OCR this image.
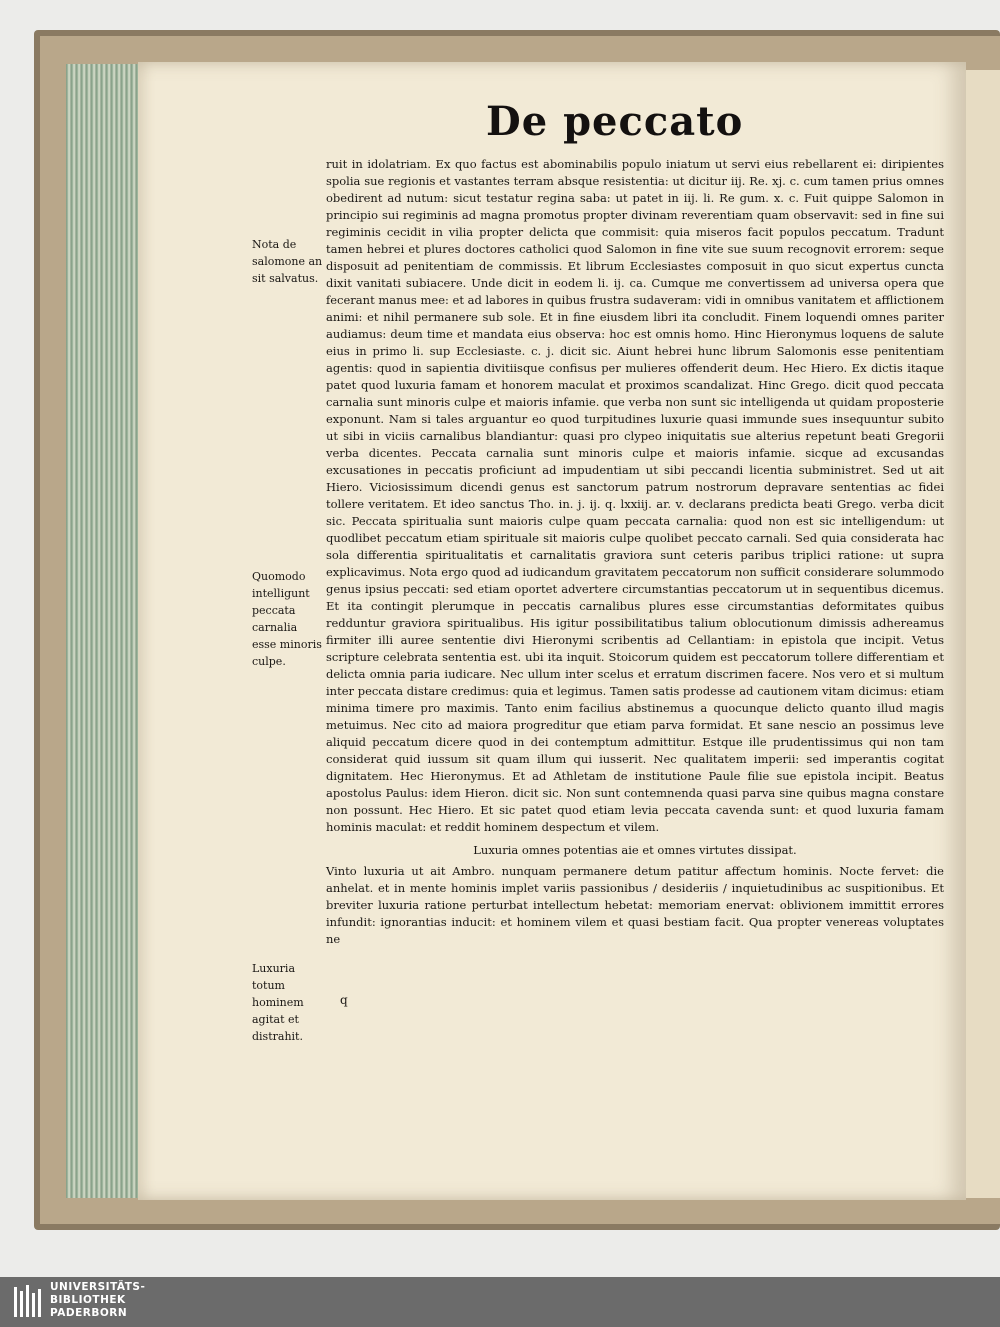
De peccato
Nota de salomone an sit salvatus.
Quomodo intelligunt peccata carnalia esse minoris culpe.
Luxuria totum hominem agitat et distrahit.
q

ruit in idolatriam. Ex quo factus est abominabilis populo iniatum ut servi eius rebellarent ei: diripientes spolia sue regionis et vastantes terram absque resistentia: ut dicitur iij. Re. xj. c. cum tamen prius omnes obedirent ad nutum: sicut testatur regina saba: ut patet in iij. li. Re gum. x. c. Fuit quippe Salomon in principio sui regiminis ad magna promotus propter divinam reverentiam quam observavit: sed in fine sui regiminis cecidit in vilia propter delicta que commisit: quia miseros facit populos peccatum. Tradunt tamen hebrei et plures doctores catholici quod Salomon in fine vite sue suum recognovit errorem: seque disposuit ad penitentiam de commissis. Et librum Ecclesiastes composuit in quo sicut expertus cuncta dixit vanitati subiacere. Unde dicit in eodem li. ij. ca. Cumque me convertissem ad universa opera que fecerant manus mee: et ad labores in quibus frustra sudaveram: vidi in omnibus vanitatem et afflictionem animi: et nihil permanere sub sole. Et in fine eiusdem libri ita concludit. Finem loquendi omnes pariter audiamus: deum time et mandata eius observa: hoc est omnis homo. Hinc Hieronymus loquens de salute eius in primo li. sup Ecclesiaste. c. j. dicit sic. Aiunt hebrei hunc librum Salomonis esse penitentiam agentis: quod in sapientia divitiisque confisus per mulieres offenderit deum. Hec Hiero. Ex dictis itaque patet quod luxuria famam et honorem maculat et proximos scandalizat. Hinc Grego. dicit quod peccata carnalia sunt minoris culpe et maioris infamie. que verba non sunt sic intelligenda ut quidam proposterie exponunt. Nam si tales arguantur eo quod turpitudines luxurie quasi immunde sues insequuntur subito ut sibi in viciis carnalibus blandiantur: quasi pro clypeo iniquitatis sue alterius repetunt beati Gregorii verba dicentes. Peccata carnalia sunt minoris culpe et maioris infamie. sicque ad excusandas excusationes in peccatis proficiunt ad impudentiam ut sibi peccandi licentia subministret. Sed ut ait Hiero. Viciosissimum dicendi genus est sanctorum patrum nostrorum depravare sententias ac fidei tollere veritatem. Et ideo sanctus Tho. in. j. ij. q. lxxiij. ar. v. declarans predicta beati Grego. verba dicit sic. Peccata spiritualia sunt maioris culpe quam peccata carnalia: quod non est sic intelligendum: ut quodlibet peccatum etiam spirituale sit maioris culpe quolibet peccato carnali. Sed quia considerata hac sola differentia spiritualitatis et carnalitatis graviora sunt ceteris paribus triplici ratione: ut supra explicavimus. Nota ergo quod ad iudicandum gravitatem peccatorum non sufficit considerare solummodo genus ipsius peccati: sed etiam oportet advertere circumstantias peccatorum ut in sequentibus dicemus. Et ita contingit plerumque in peccatis carnalibus plures esse circumstantias deformitates quibus redduntur graviora spiritualibus. His igitur possibilitatibus talium oblocutionum dimissis adhereamus firmiter illi auree sententie divi Hieronymi scribentis ad Cellantiam: in epistola que incipit. Vetus scripture celebrata sententia est. ubi ita inquit. Stoicorum quidem est peccatorum tollere differentiam et delicta omnia paria iudicare. Nec ullum inter scelus et erratum discrimen facere. Nos vero et si multum inter peccata distare credimus: quia et legimus. Tamen satis prodesse ad cautionem vitam dicimus: etiam minima timere pro maximis. Tanto enim facilius abstinemus a quocunque delicto quanto illud magis metuimus. Nec cito ad maiora progreditur que etiam parva formidat. Et sane nescio an possimus leve aliquid peccatum dicere quod in dei contemptum admittitur. Estque ille prudentissimus qui non tam considerat quid iussum sit quam illum qui iusserit. Nec qualitatem imperii: sed imperantis cogitat dignitatem. Hec Hieronymus. Et ad Athletam de institutione Paule filie sue epistola incipit. Beatus apostolus Paulus: idem Hieron. dicit sic. Non sunt contemnenda quasi parva sine quibus magna constare non possunt. Hec Hiero. Et sic patet quod etiam levia peccata cavenda sunt: et quod luxuria famam hominis maculat: et reddit hominem despectum et vilem.

Luxuria omnes potentias aie et omnes virtutes dissipat.

Vinto luxuria ut ait Ambro. nunquam permanere detum patitur affectum hominis. Nocte fervet: die anhelat. et in mente hominis implet variis passionibus / desideriis / inquietudinibus ac suspitionibus. Et breviter luxuria ratione perturbat intellectum hebetat: memoriam enervat: oblivionem immittit errores infundit: ignorantias inducit: et hominem vilem et quasi bestiam facit. Qua propter venereas voluptates ne

UNIVERSITÄTS-
BIBLIOTHEK
PADERBORN
